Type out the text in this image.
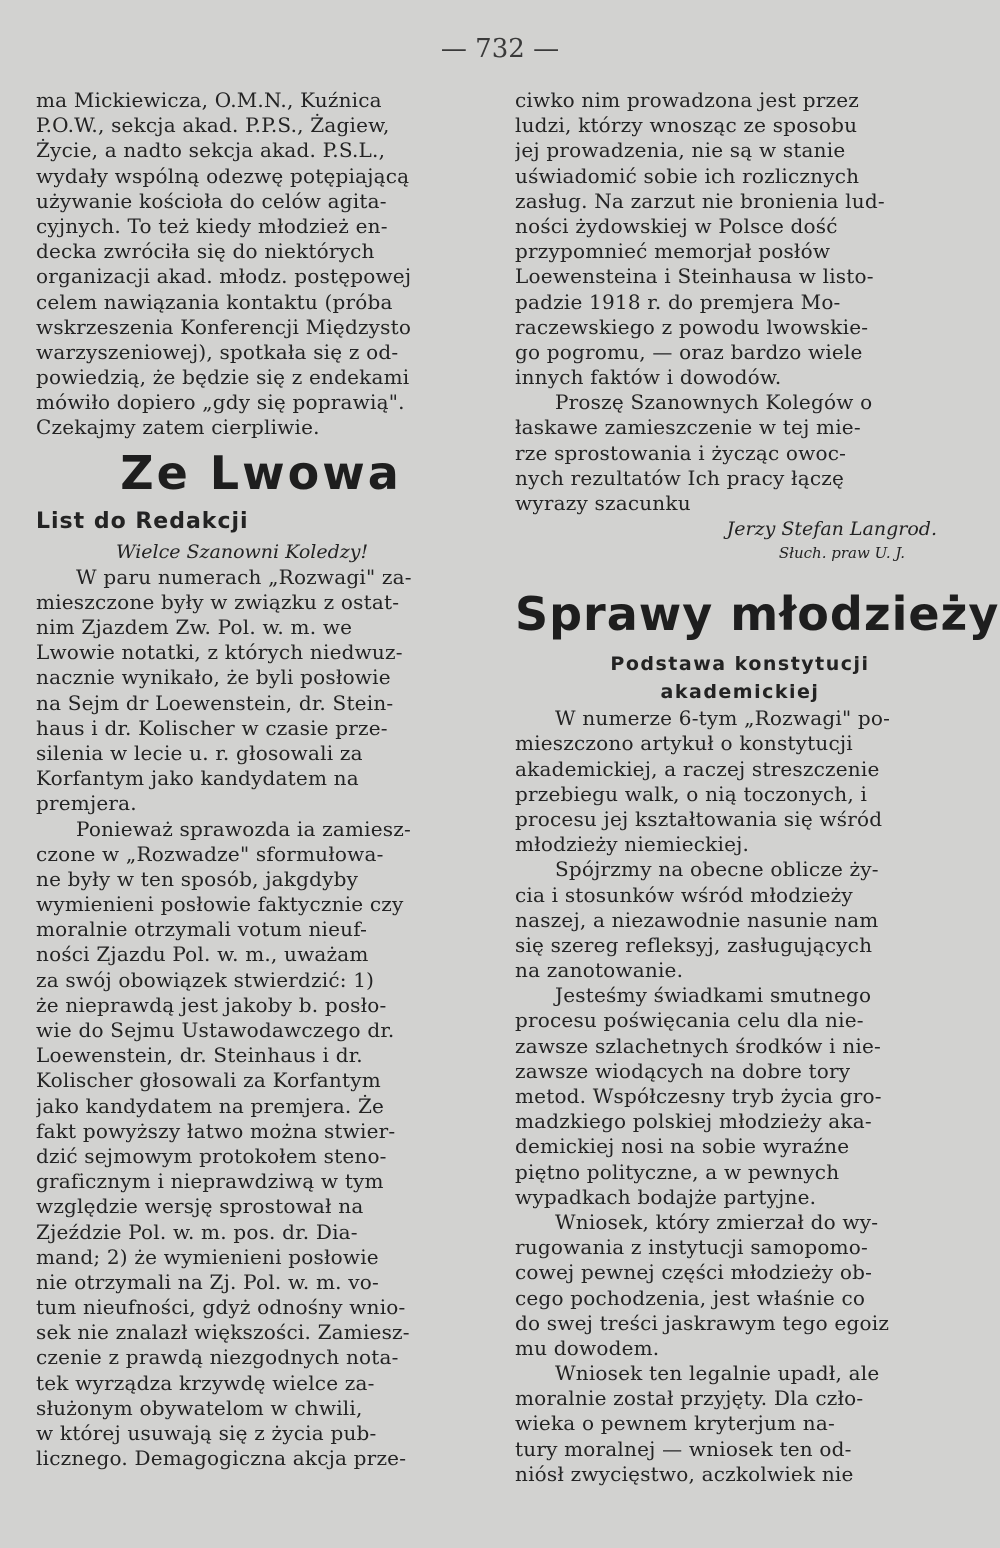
— 732 —
ma Mickiewicza, O.M.N., Kuźnica
P.O.W., sekcja akad. P.P.S., Żagiew,
Życie, a nadto sekcja akad. P.S.L.,
wydały wspólną odezwę potępiającą
używanie kościoła do celów agita-
cyjnych. To też kiedy młodzież en-
decka zwróciła się do niektórych
organizacji akad. młodz. postępowej
celem nawiązania kontaktu (próba
wskrzeszenia Konferencji Międzysto
warzyszeniowej), spotkała się z od-
powiedzią, że będzie się z endekami
mówiło dopiero „gdy się poprawią".
Czekajmy zatem cierpliwie.
Ze Lwowa
List do Redakcji
Wielce Szanowni Koledzy!
W paru numerach „Rozwagi" za-
mieszczone były w związku z ostat-
nim Zjazdem Zw. Pol. w. m. we
Lwowie notatki, z których niedwuz-
nacznie wynikało, że byli posłowie
na Sejm dr Loewenstein, dr. Stein-
haus i dr. Kolischer w czasie prze-
silenia w lecie u. r. głosowali za
Korfantym jako kandydatem na
premjera.
Ponieważ sprawozda ia zamiesz-
czone w „Rozwadze" sformułowa-
ne były w ten sposób, jakgdyby
wymienieni posłowie faktycznie czy
moralnie otrzymali votum nieuf-
ności Zjazdu Pol. w. m., uważam
za swój obowiązek stwierdzić: 1)
że nieprawdą jest jakoby b. posło-
wie do Sejmu Ustawodawczego dr.
Loewenstein, dr. Steinhaus i dr.
Kolischer głosowali za Korfantym
jako kandydatem na premjera. Że
fakt powyższy łatwo można stwier-
dzić sejmowym protokołem steno-
graficznym i nieprawdziwą w tym
względzie wersję sprostował na
Zjeździe Pol. w. m. pos. dr. Dia-
mand; 2) że wymienieni posłowie
nie otrzymali na Zj. Pol. w. m. vo-
tum nieufności, gdyż odnośny wnio-
sek nie znalazł większości. Zamiesz-
czenie z prawdą niezgodnych nota-
tek wyrządza krzywdę wielce za-
służonym obywatelom w chwili,
w której usuwają się z życia pub-
licznego. Demagogiczna akcja prze-
ciwko nim prowadzona jest przez
ludzi, którzy wnosząc ze sposobu
jej prowadzenia, nie są w stanie
uświadomić sobie ich rozlicznych
zasług. Na zarzut nie bronienia lud-
ności żydowskiej w Polsce dość
przypomnieć memorjał posłów
Loewensteina i Steinhausa w listo-
padzie 1918 r. do premjera Mo-
raczewskiego z powodu lwowskie-
go pogromu, — oraz bardzo wiele
innych faktów i dowodów.
Proszę Szanownych Kolegów o
łaskawe zamieszczenie w tej mie-
rze sprostowania i życząc owoc-
nych rezultatów Ich pracy łączę
wyrazy szacunku
Jerzy Stefan Langrod.
Słuch. praw U. J.
Sprawy młodzieży
Podstawa konstytucji
akademickiej
W numerze 6-tym „Rozwagi" po-
mieszczono artykuł o konstytucji
akademickiej, a raczej streszczenie
przebiegu walk, o nią toczonych, i
procesu jej kształtowania się wśród
młodzieży niemieckiej.
Spójrzmy na obecne oblicze ży-
cia i stosunków wśród młodzieży
naszej, a niezawodnie nasunie nam
się szereg refleksyj, zasługujących
na zanotowanie.
Jesteśmy świadkami smutnego
procesu poświęcania celu dla nie-
zawsze szlachetnych środków i nie-
zawsze wiodących na dobre tory
metod. Współczesny tryb życia gro-
madzkiego polskiej młodzieży aka-
demickiej nosi na sobie wyraźne
piętno polityczne, a w pewnych
wypadkach bodajże partyjne.
Wniosek, który zmierzał do wy-
rugowania z instytucji samopomo-
cowej pewnej części młodzieży ob-
cego pochodzenia, jest właśnie co
do swej treści jaskrawym tego egoiz
mu dowodem.
Wniosek ten legalnie upadł, ale
moralnie został przyjęty. Dla czło-
wieka o pewnem kryterjum na-
tury moralnej — wniosek ten od-
niósł zwycięstwo, aczkolwiek nie
